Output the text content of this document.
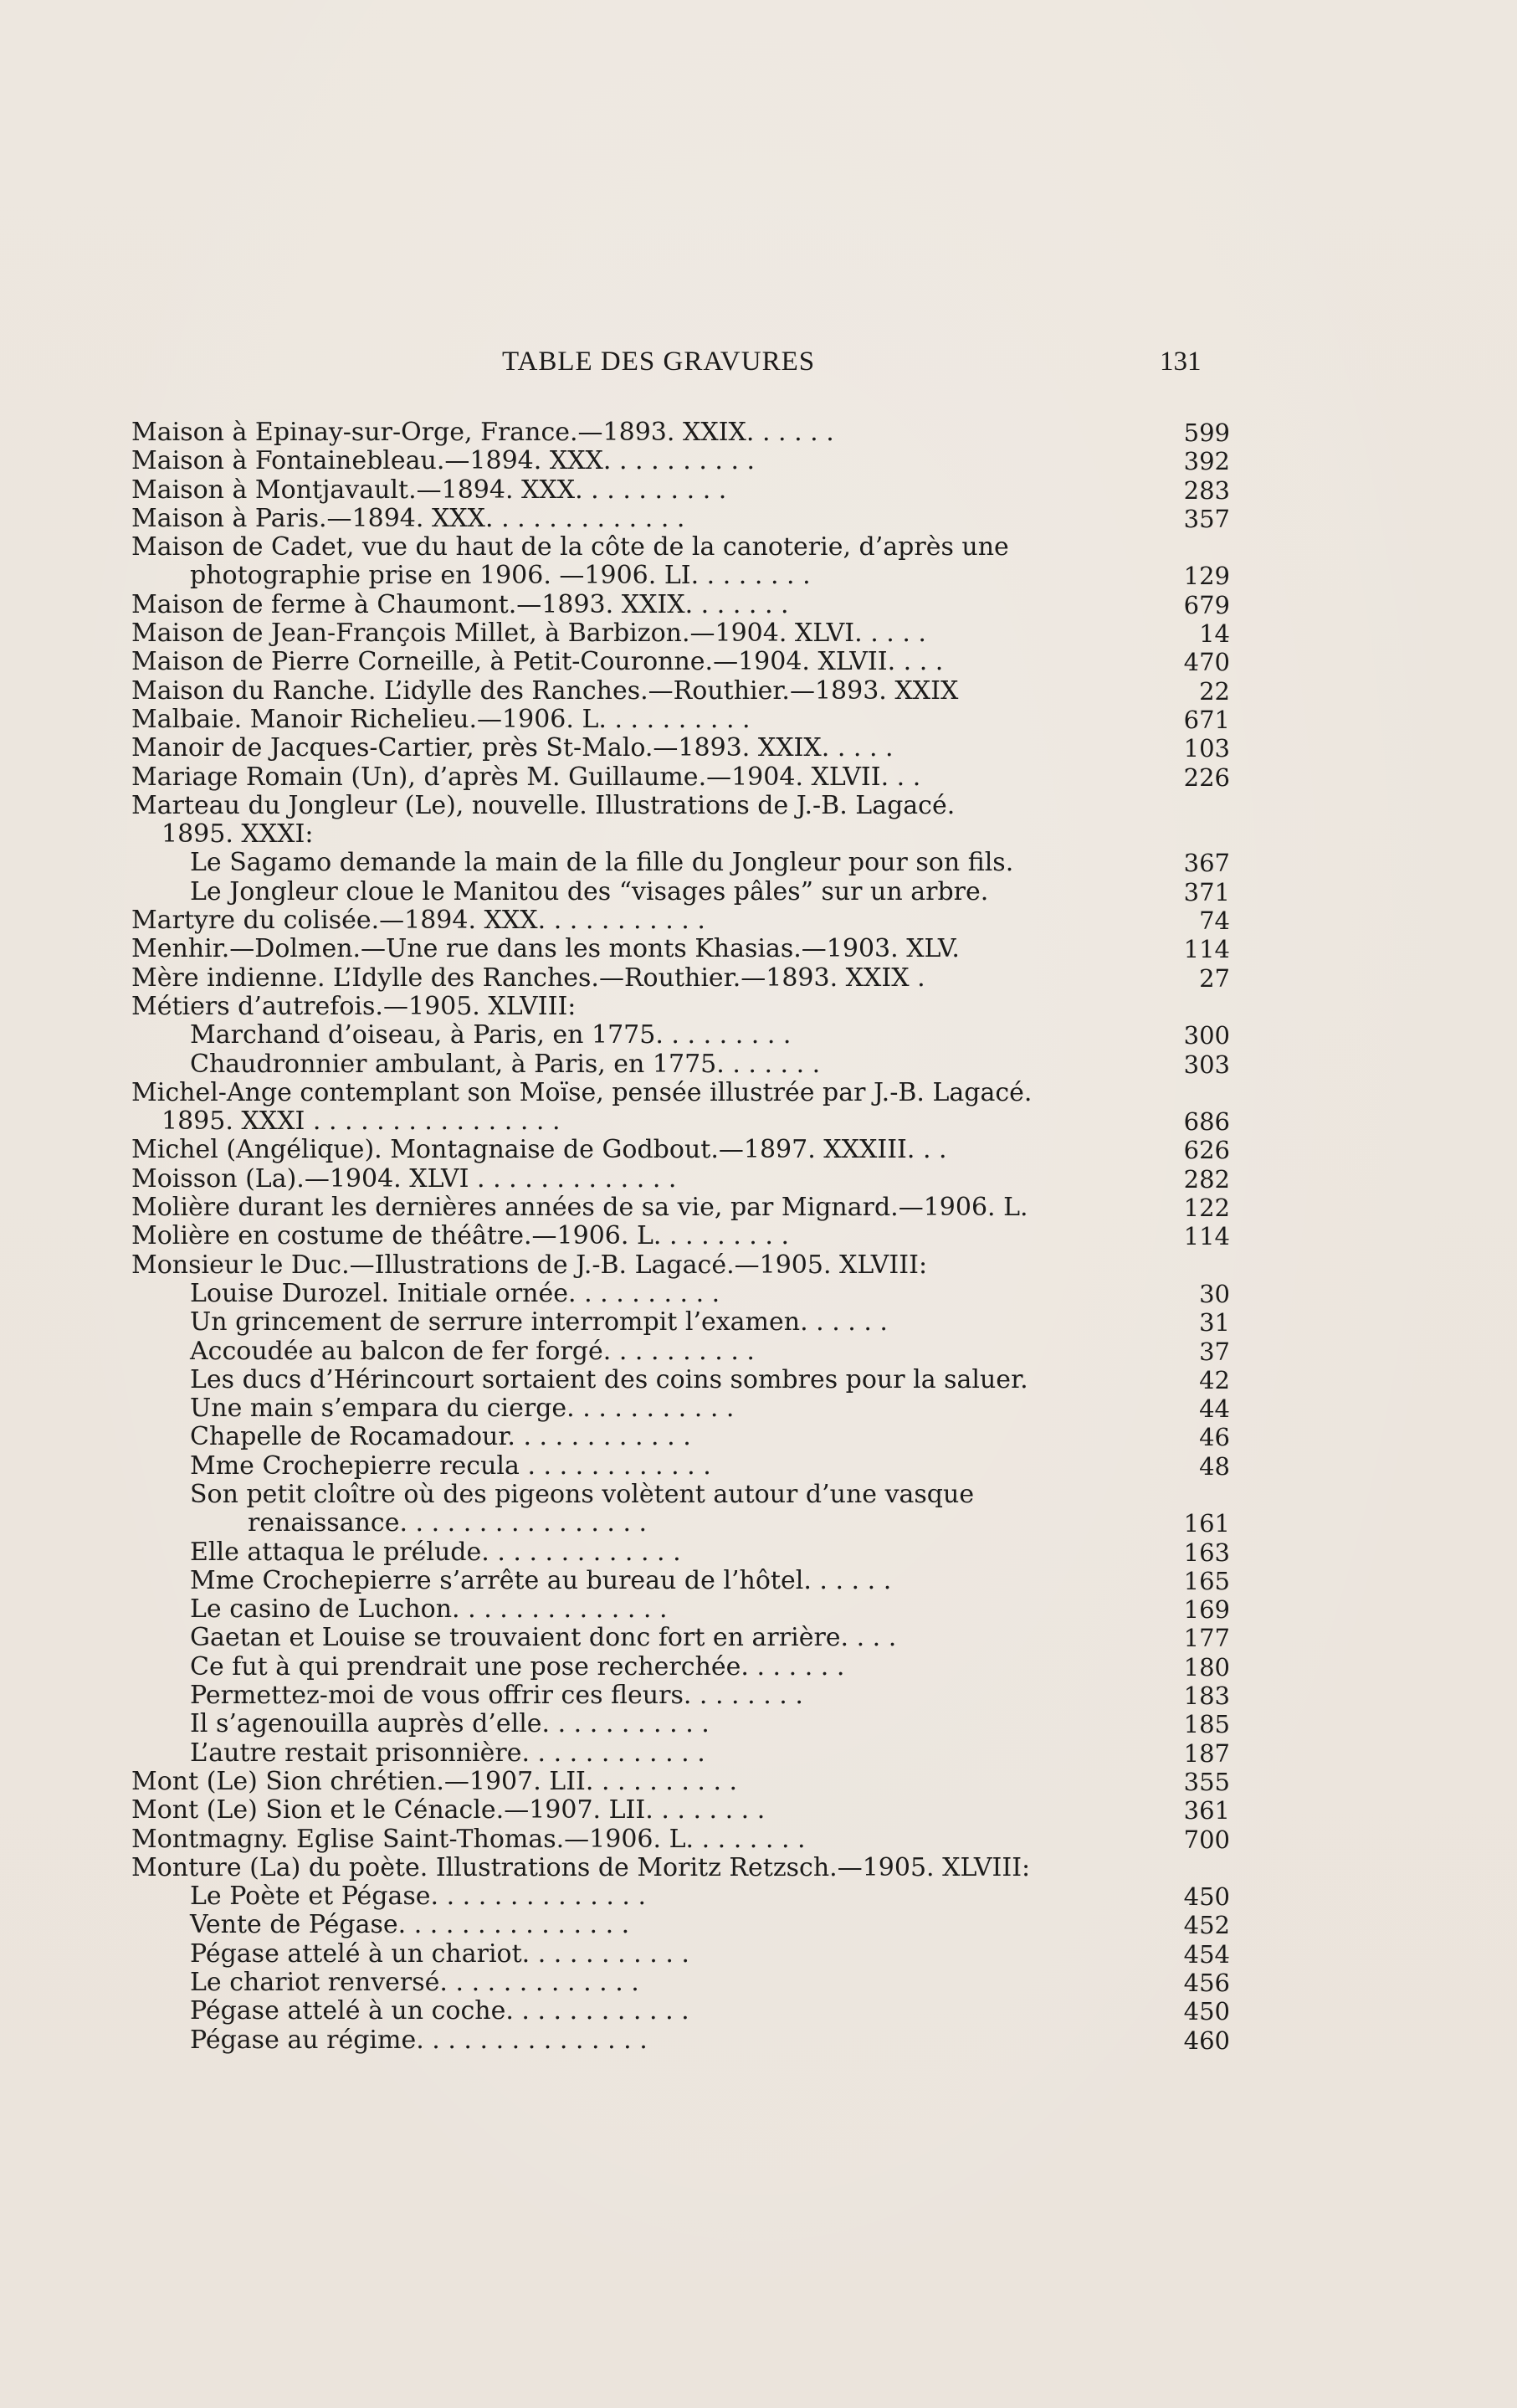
TABLE DES GRAVURES	131
Maison à Epinay-sur-Orge, France.—1893. XXIX. . . . . .	599
Maison à Fontainebleau.—1894. XXX. . . . . . . . . .	392
Maison à Montjavault.—1894. XXX. . . . . . . . . .	283
Maison à Paris.—1894. XXX. . . . . . . . . . . . .	357
Maison de Cadet, vue du haut de la côte de la canoterie, d’après une
photographie prise en 1906. —1906. LI. . . . . . . .	129
Maison de ferme à Chaumont.—1893. XXIX. . . . . . .	679
Maison de Jean-François Millet, à Barbizon.—1904. XLVI. . . . .	14
Maison de Pierre Corneille, à Petit-Couronne.—1904. XLVII. . . .	470
Maison du Ranche. L’idylle des Ranches.—Routhier.—1893. XXIX	22
Malbaie. Manoir Richelieu.—1906. L. . . . . . . . . .	671
Manoir de Jacques-Cartier, près St-Malo.—1893. XXIX. . . . .	103
Mariage Romain (Un), d’après M. Guillaume.—1904. XLVII. . .	226
Marteau du Jongleur (Le), nouvelle. Illustrations de J.-B. Lagacé.
1895. XXXI:
Le Sagamo demande la main de la fille du Jongleur pour son fils.	367
Le Jongleur cloue le Manitou des “visages pâles” sur un arbre.	371
Martyre du colisée.—1894. XXX. . . . . . . . . . .	74
Menhir.—Dolmen.—Une rue dans les monts Khasias.—1903. XLV.	114
Mère indienne. L’Idylle des Ranches.—Routhier.—1893. XXIX .	27
Métiers d’autrefois.—1905. XLVIII:
Marchand d’oiseau, à Paris, en 1775. . . . . . . . .	300
Chaudronnier ambulant, à Paris, en 1775. . . . . . .	303
Michel-Ange contemplant son Moïse, pensée illustrée par J.-B. Lagacé.
1895. XXXI . . . . . . . . . . . . . . . .	686
Michel (Angélique). Montagnaise de Godbout.—1897. XXXIII. . .	626
Moisson (La).—1904. XLVI . . . . . . . . . . . . .	282
Molière durant les dernières années de sa vie, par Mignard.—1906. L.	122
Molière en costume de théâtre.—1906. L. . . . . . . . .	114
Monsieur le Duc.—Illustrations de J.-B. Lagacé.—1905. XLVIII:
Louise Durozel. Initiale ornée. . . . . . . . . .	30
Un grincement de serrure interrompit l’examen. . . . . .	31
Accoudée au balcon de fer forgé. . . . . . . . . .	37
Les ducs d’Hérincourt sortaient des coins sombres pour la saluer.	42
Une main s’empara du cierge. . . . . . . . . . .	44
Chapelle de Rocamadour. . . . . . . . . . . .	46
Mme Crochepierre recula . . . . . . . . . . . .	48
Son petit cloître où des pigeons volètent autour d’une vasque
renaissance. . . . . . . . . . . . . . . .	161
Elle attaqua le prélude. . . . . . . . . . . . .	163
Mme Crochepierre s’arrête au bureau de l’hôtel. . . . . .	165
Le casino de Luchon. . . . . . . . . . . . . .	169
Gaetan et Louise se trouvaient donc fort en arrière. . . .	177
Ce fut à qui prendrait une pose recherchée. . . . . . .	180
Permettez-moi de vous offrir ces fleurs. . . . . . . .	183
Il s’agenouilla auprès d’elle. . . . . . . . . . .	185
L’autre restait prisonnière. . . . . . . . . . . .	187
Mont (Le) Sion chrétien.—1907. LII. . . . . . . . . .	355
Mont (Le) Sion et le Cénacle.—1907. LII. . . . . . . .	361
Montmagny. Eglise Saint-Thomas.—1906. L. . . . . . . .	700
Monture (La) du poète. Illustrations de Moritz Retzsch.—1905. XLVIII:
Le Poète et Pégase. . . . . . . . . . . . . .	450
Vente de Pégase. . . . . . . . . . . . . . .	452
Pégase attelé à un chariot. . . . . . . . . . .	454
Le chariot renversé. . . . . . . . . . . . .	456
Pégase attelé à un coche. . . . . . . . . . . .	450
Pégase au régime. . . . . . . . . . . . . . .	460
